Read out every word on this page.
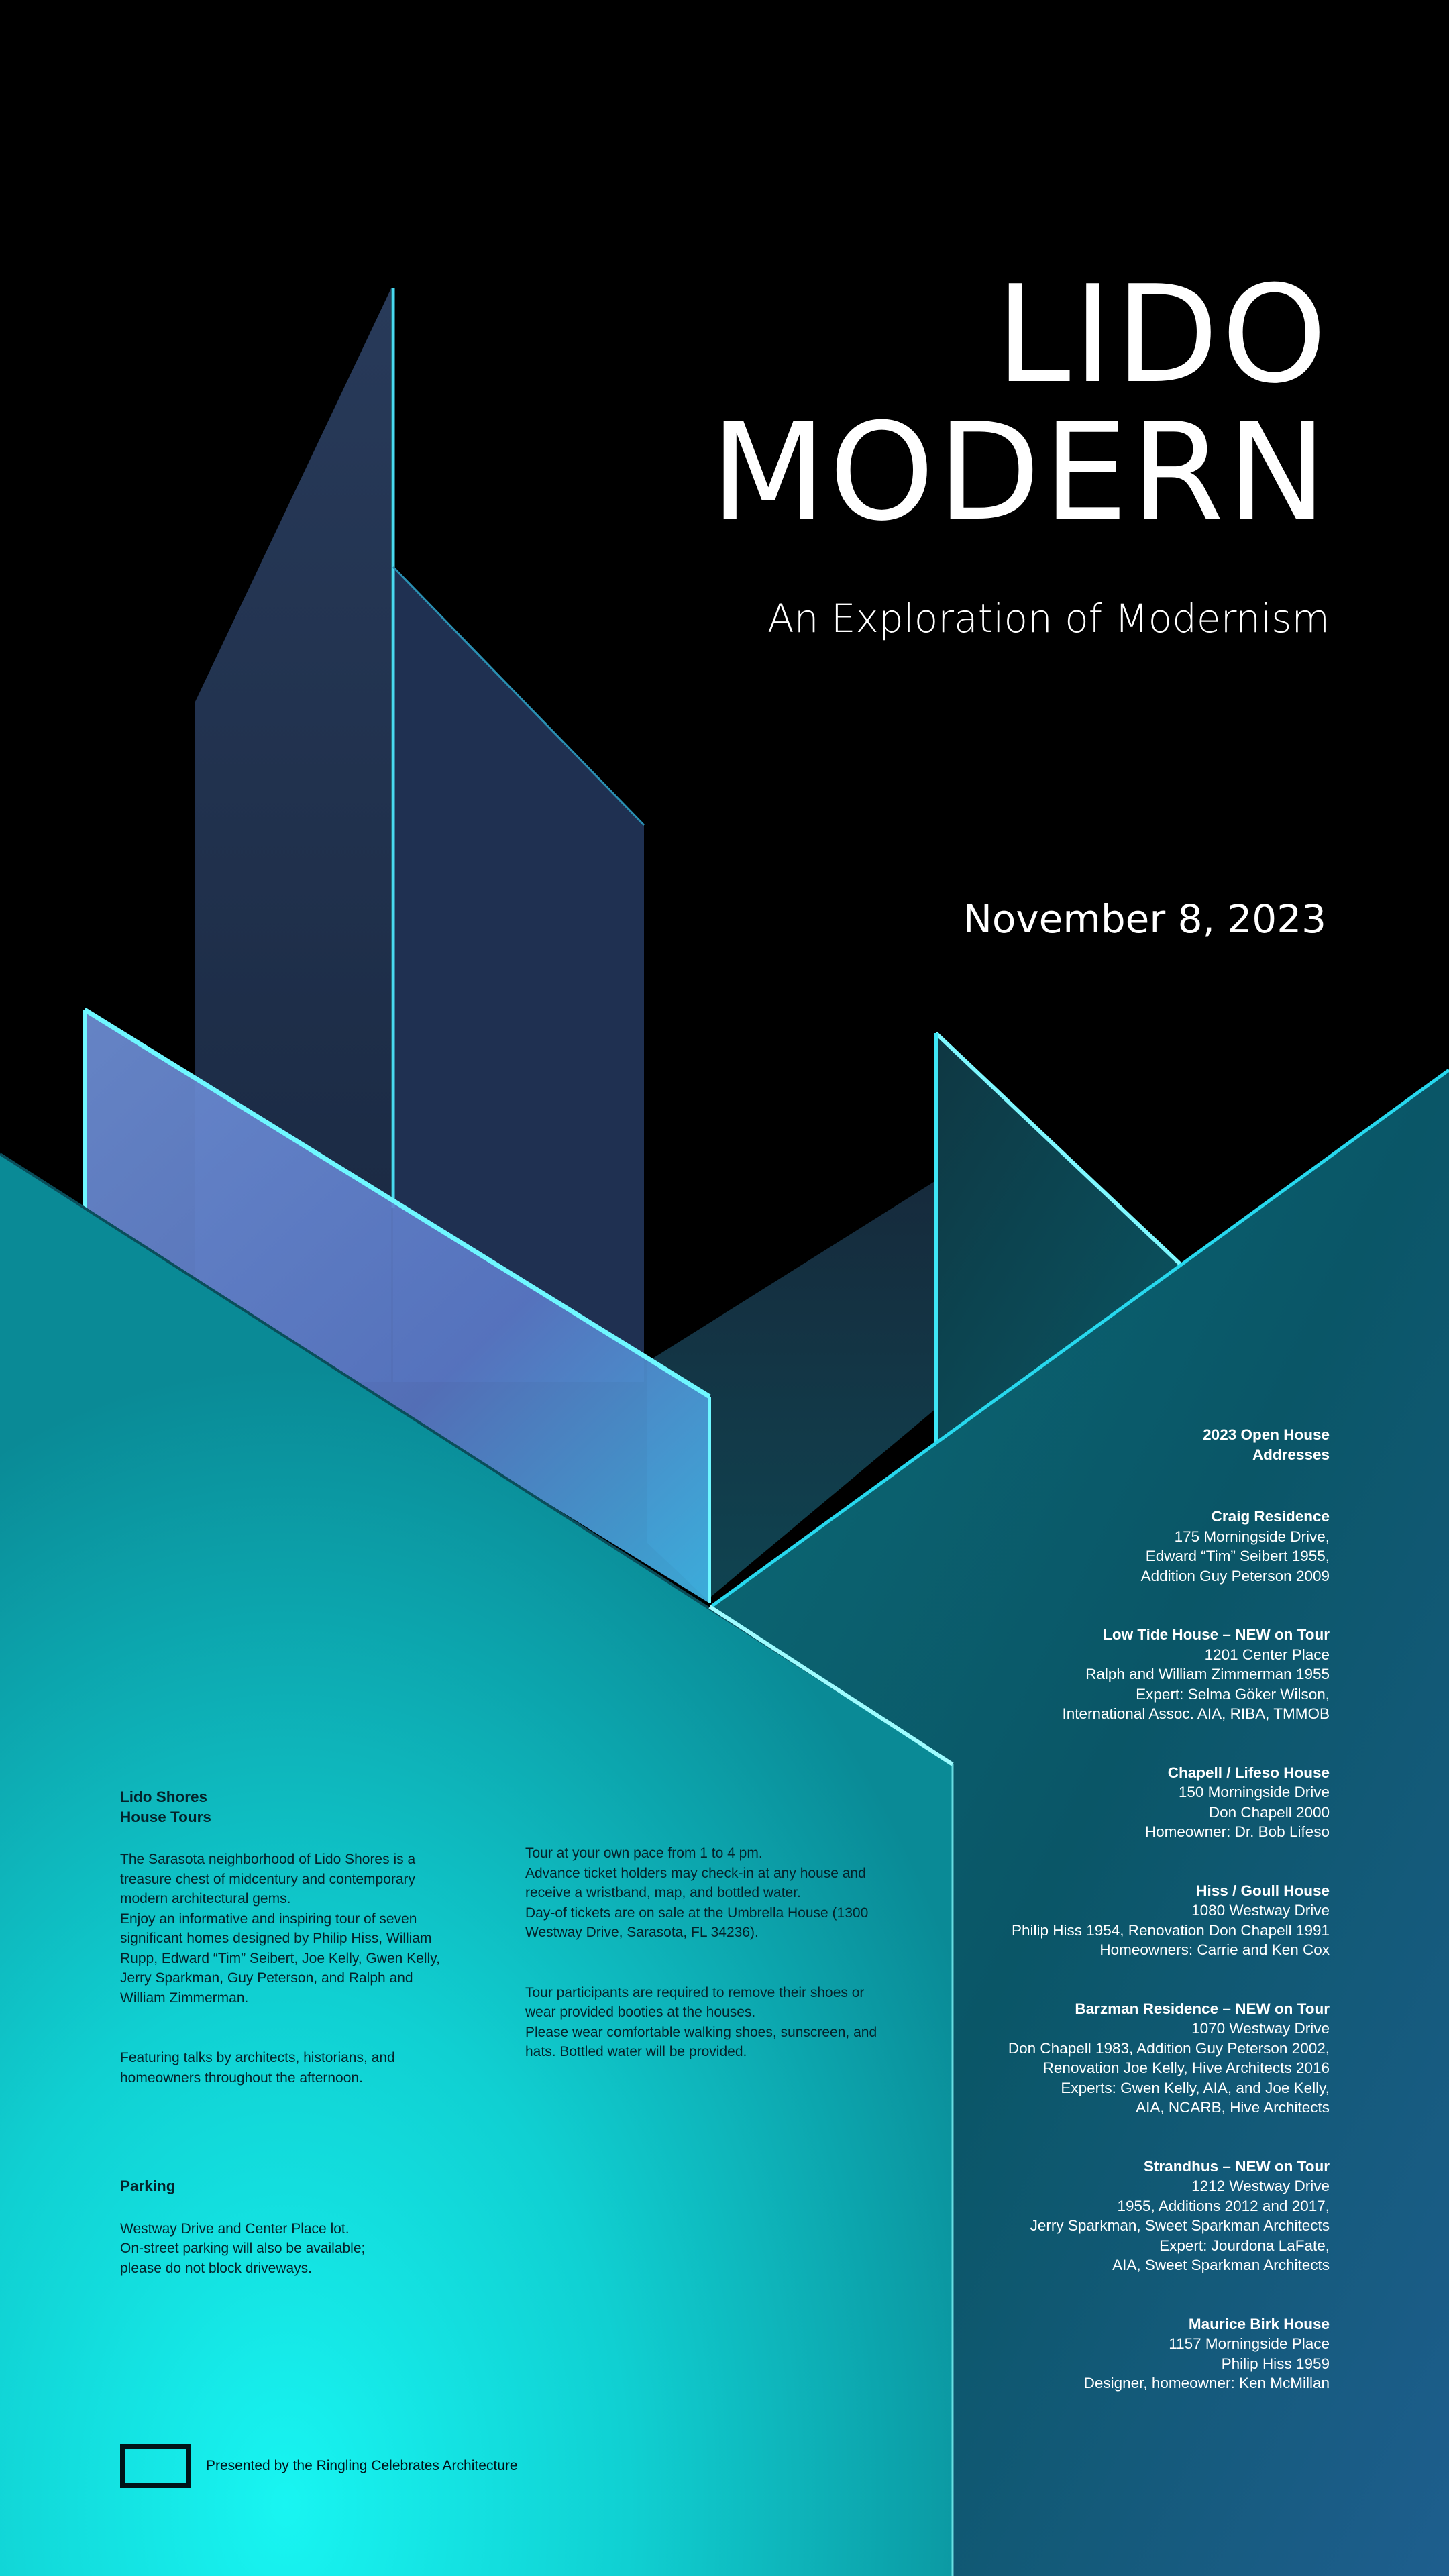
LIDO
MODERN
An Exploration of Modernism
November 8, 2023
2023 Open House
Addresses
Craig Residence
175 Morningside Drive,
Edward “Tim” Seibert 1955,
Addition Guy Peterson 2009
Low Tide House – NEW on Tour
1201 Center Place
Ralph and William Zimmerman 1955
Expert: Selma Göker Wilson,
International Assoc. AIA, RIBA, TMMOB
Chapell / Lifeso House
150 Morningside Drive
Don Chapell 2000
Homeowner: Dr. Bob Lifeso
Hiss / Goull House
1080 Westway Drive
Philip Hiss 1954, Renovation Don Chapell 1991
Homeowners: Carrie and Ken Cox
Barzman Residence – NEW on Tour
1070 Westway Drive
Don Chapell 1983, Addition Guy Peterson 2002,
Renovation Joe Kelly, Hive Architects 2016
Experts: Gwen Kelly, AIA, and Joe Kelly,
AIA, NCARB, Hive Architects
Strandhus – NEW on Tour
1212 Westway Drive
1955, Additions 2012 and 2017,
Jerry Sparkman, Sweet Sparkman Architects
Expert: Jourdona LaFate,
AIA, Sweet Sparkman Architects
Maurice Birk House
1157 Morningside Place
Philip Hiss 1959
Designer, homeowner: Ken McMillan
Lido Shores
House Tours

The Sarasota neighborhood of Lido Shores is a treasure chest of midcentury and contemporary modern architectural gems.

Enjoy an informative and inspiring tour of seven significant homes designed by Philip Hiss, William Rupp, Edward “Tim” Seibert, Joe Kelly, Gwen Kelly, Jerry Sparkman, Guy Peterson, and Ralph and William Zimmerman.

Featuring talks by architects, historians, and homeowners throughout the afternoon.

Tour at your own pace from 1 to 4 pm.
Advance ticket holders may check-in at any house and receive a wristband, map, and bottled water.
Day-of tickets are on sale at the Umbrella House (1300 Westway Drive, Sarasota, FL 34236).

Tour participants are required to remove their shoes or wear provided booties at the houses.
Please wear comfortable walking shoes, sunscreen, and hats. Bottled water will be provided.

Parking

Westway Drive and Center Place lot.
On-street parking will also be available;
please do not block driveways.

Presented by the Ringling Celebrates Architecture
